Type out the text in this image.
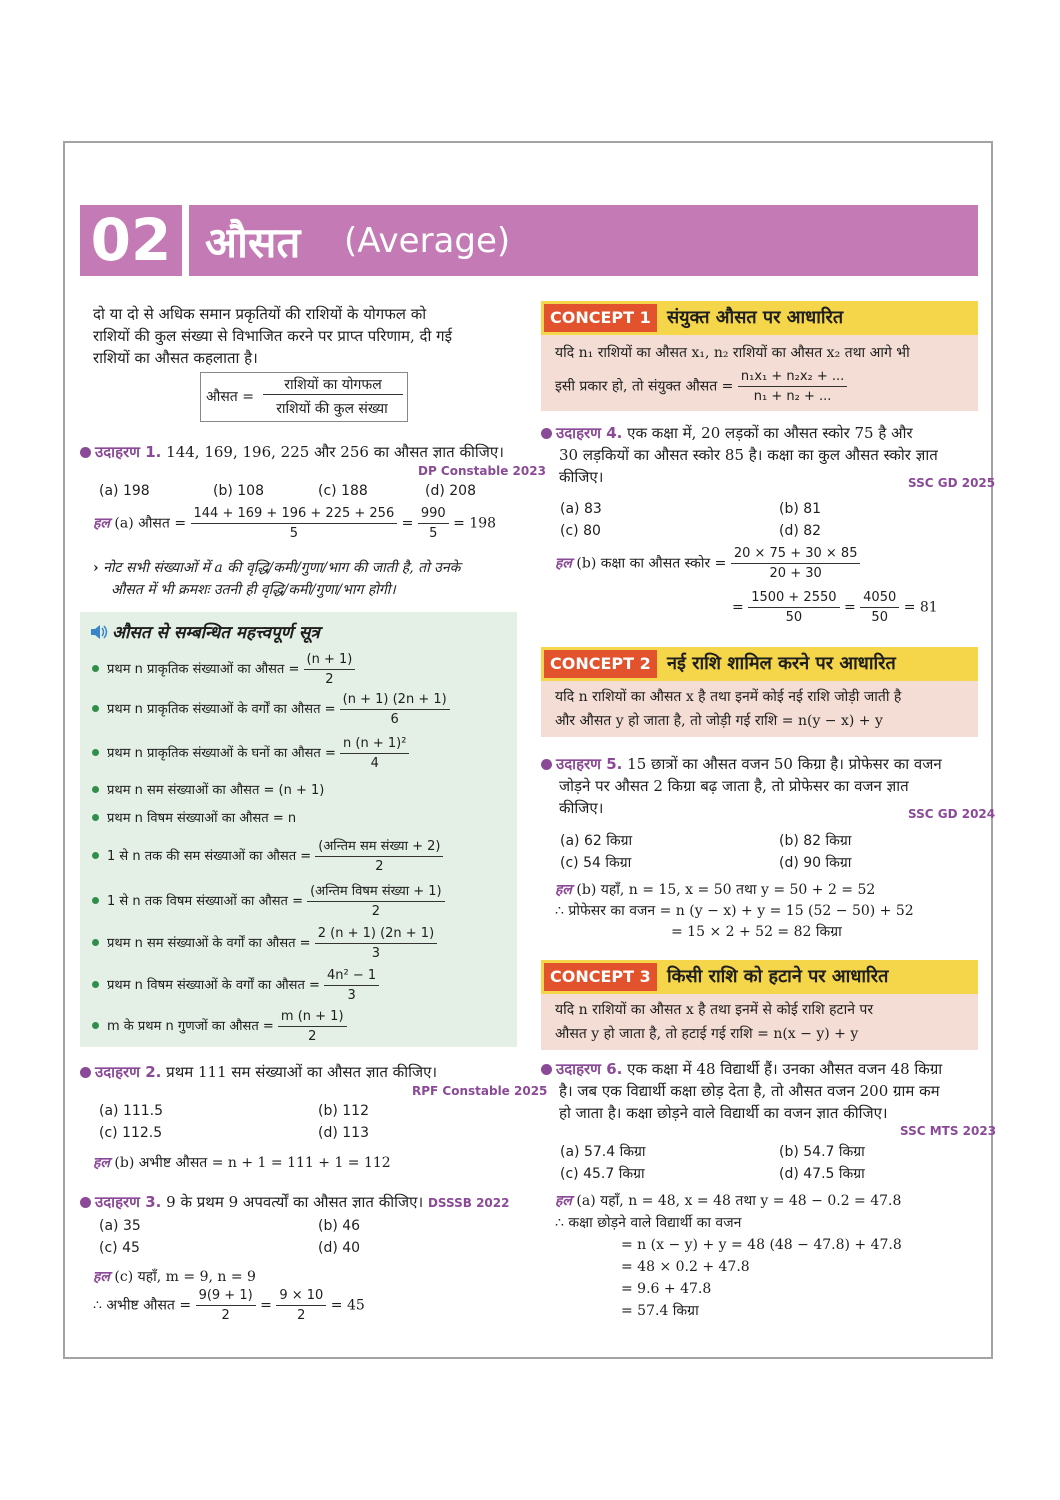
02 औसत (Average)
दो या दो से अधिक समान प्रकृतियों की राशियों के योगफल को
राशियों की कुल संख्या से विभाजित करने पर प्राप्त परिणाम, दी गई
राशियों का औसत कहलाता है।
औसत =
राशियों का योगफल
राशियों की कुल संख्या
उदाहरण 1. 144, 169, 196, 225 और 256 का औसत ज्ञात कीजिए।
DP Constable 2023
(a) 198	(b) 108	(c) 188	(d) 208
हल (a) औसत = $\frac{144 + 169 + 196 + 225 + 256}{5} = \frac{990}{5} = 198$
› नोट सभी संख्याओं में a की वृद्धि/कमी/गुणा/भाग की जाती है, तो उनके
औसत में भी क्रमशः उतनी ही वृद्धि/कमी/गुणा/भाग होगी।
औसत से सम्बन्धित महत्त्वपूर्ण सूत्र
प्रथम n प्राकृतिक संख्याओं का औसत = $\frac{(n + 1)}{2}$
प्रथम n प्राकृतिक संख्याओं के वर्गों का औसत = $\frac{(n + 1) (2n + 1)}{6}$
प्रथम n प्राकृतिक संख्याओं के घनों का औसत = $\frac{\text{n (n + 1)²}}{4}$
प्रथम n सम संख्याओं का औसत = (n + 1)
प्रथम n विषम संख्याओं का औसत = n
1 से n तक की सम संख्याओं का औसत = $\frac{\text{(अन्तिम सम संख्या + 2)}}{2}$
1 से n तक विषम संख्याओं का औसत = $\frac{\text{(अन्तिम विषम संख्या + 1)}}{2}$
प्रथम n सम संख्याओं के वर्गों का औसत = $\frac{2 (n + 1) (2n + 1)}{3}$
प्रथम n विषम संख्याओं के वर्गों का औसत = $\frac{\text{4n² − 1}}{3}$
m के प्रथम n गुणजों का औसत = $\frac{m (n + 1)}{2}$
उदाहरण 2. प्रथम 111 सम संख्याओं का औसत ज्ञात कीजिए।
RPF Constable 2025
(a) 111.5	(b) 112
(c) 112.5	(d) 113
हल (b) अभीष्ट औसत = n + 1 = 111 + 1 = 112
उदाहरण 3. 9 के प्रथम 9 अपवर्त्यों का औसत ज्ञात कीजिए। DSSSB 2022
(a) 35	(b) 46
(c) 45	(d) 40
हल (c) यहाँ, m = 9, n = 9
∴ अभीष्ट औसत = $\frac{9(9 + 1)}{2} = \frac{9 \times 10}{2} = 45$
CONCEPT 1 संयुक्त औसत पर आधारित
यदि n₁ राशियों का औसत x₁, n₂ राशियों का औसत x₂ तथा आगे भी
इसी प्रकार हो, तो संयुक्त औसत = $\frac{\text{n₁x₁ + n₂x₂ + ...}}{\text{n₁ + n₂ + ...}}$
उदाहरण 4. एक कक्षा में, 20 लड़कों का औसत स्कोर 75 है और
30 लड़कियों का औसत स्कोर 85 है। कक्षा का कुल औसत स्कोर ज्ञात
कीजिए।	SSC GD 2025
(a) 83	(b) 81
(c) 80	(d) 82
हल (b) कक्षा का औसत स्कोर = $\frac{20 \times 75 + 30 \times 85}{20 + 30}$
= $\frac{1500 + 2550}{50} = \frac{4050}{50} = 81$
CONCEPT 2 नई राशि शामिल करने पर आधारित
यदि n राशियों का औसत x है तथा इनमें कोई नई राशि जोड़ी जाती है
और औसत y हो जाता है, तो जोड़ी गई राशि = n(y − x) + y
उदाहरण 5. 15 छात्रों का औसत वजन 50 किग्रा है। प्रोफेसर का वजन
जोड़ने पर औसत 2 किग्रा बढ़ जाता है, तो प्रोफेसर का वजन ज्ञात
कीजिए।	SSC GD 2024
(a) 62 किग्रा	(b) 82 किग्रा
(c) 54 किग्रा	(d) 90 किग्रा
हल (b) यहाँ, n = 15, x = 50 तथा y = 50 + 2 = 52
∴ प्रोफेसर का वजन = n (y − x) + y = 15 (52 − 50) + 52
= 15 × 2 + 52 = 82 किग्रा
CONCEPT 3 किसी राशि को हटाने पर आधारित
यदि n राशियों का औसत x है तथा इनमें से कोई राशि हटाने पर
औसत y हो जाता है, तो हटाई गई राशि = n(x − y) + y
उदाहरण 6. एक कक्षा में 48 विद्यार्थी हैं। उनका औसत वजन 48 किग्रा
है। जब एक विद्यार्थी कक्षा छोड़ देता है, तो औसत वजन 200 ग्राम कम
हो जाता है। कक्षा छोड़ने वाले विद्यार्थी का वजन ज्ञात कीजिए।
SSC MTS 2023
(a) 57.4 किग्रा	(b) 54.7 किग्रा
(c) 45.7 किग्रा	(d) 47.5 किग्रा
हल (a) यहाँ, n = 48, x = 48 तथा y = 48 − 0.2 = 47.8
∴ कक्षा छोड़ने वाले विद्यार्थी का वजन
= n (x − y) + y = 48 (48 − 47.8) + 47.8
= 48 × 0.2 + 47.8
= 9.6 + 47.8
= 57.4 किग्रा
